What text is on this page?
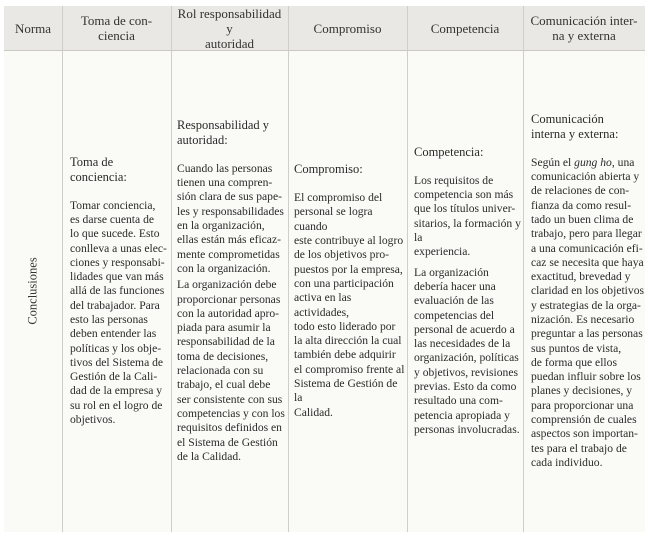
Norma Toma de con-
ciencia
Rol responsabilidad y
autoridad
Compromiso	Competencia Comunicación inter-
na y externa
Conclusiones

Toma de
conciencia:

Tomar conciencia,
es darse cuenta de
lo que sucede. Esto
conlleva a unas elec-
ciones y responsabi-
lidades que van más
allá de las funciones
del trabajador. Para
esto las personas
deben entender las
políticas y los obje-
tivos del Sistema de
Gestión de la Cali-
dad de la empresa y
su rol en el logro de
objetivos.

Responsabilidad y
autoridad:

Cuando las personas
tienen una compren-
sión clara de sus pape-
les y responsabilidades
en la organización,
ellas están más eficaz-
mente comprometidas
con la organización.

La organización debe
proporcionar personas
con la autoridad apro-
piada para asumir la
responsabilidad de la
toma de decisiones,
relacionada con su
trabajo, el cual debe
ser consistente con sus
competencias y con los
requisitos definidos en
el Sistema de Gestión
de la Calidad.

Compromiso:

El compromiso del
personal se logra cuando
este contribuye al logro
de los objetivos pro-
puestos por la empresa,
con una participación
activa en las actividades,
todo esto liderado por
la alta dirección la cual
también debe adquirir
el compromiso frente al
Sistema de Gestión de la
Calidad.

Competencia:

Los requisitos de
competencia son más
que los títulos univer-
sitarios, la formación y la
experiencia.

La organización
debería hacer una
evaluación de las
competencias del
personal de acuerdo a
las necesidades de la
organización, políticas
y objetivos, revisiones
previas. Esto da como
resultado una com-
petencia apropiada y
personas involucradas.

Comunicación
interna y externa:

Según el gung ho, una
comunicación abierta y
de relaciones de con-
fianza da como resul-
tado un buen clima de
trabajo, pero para llegar
a una comunicación efi-
caz se necesita que haya
exactitud, brevedad y
claridad en los objetivos
y estrategias de la orga-
nización. Es necesario
preguntar a las personas
sus puntos de vista,
de forma que ellos
puedan influir sobre los
planes y decisiones, y
para proporcionar una
comprensión de cuales
aspectos son importan-
tes para el trabajo de
cada individuo.
